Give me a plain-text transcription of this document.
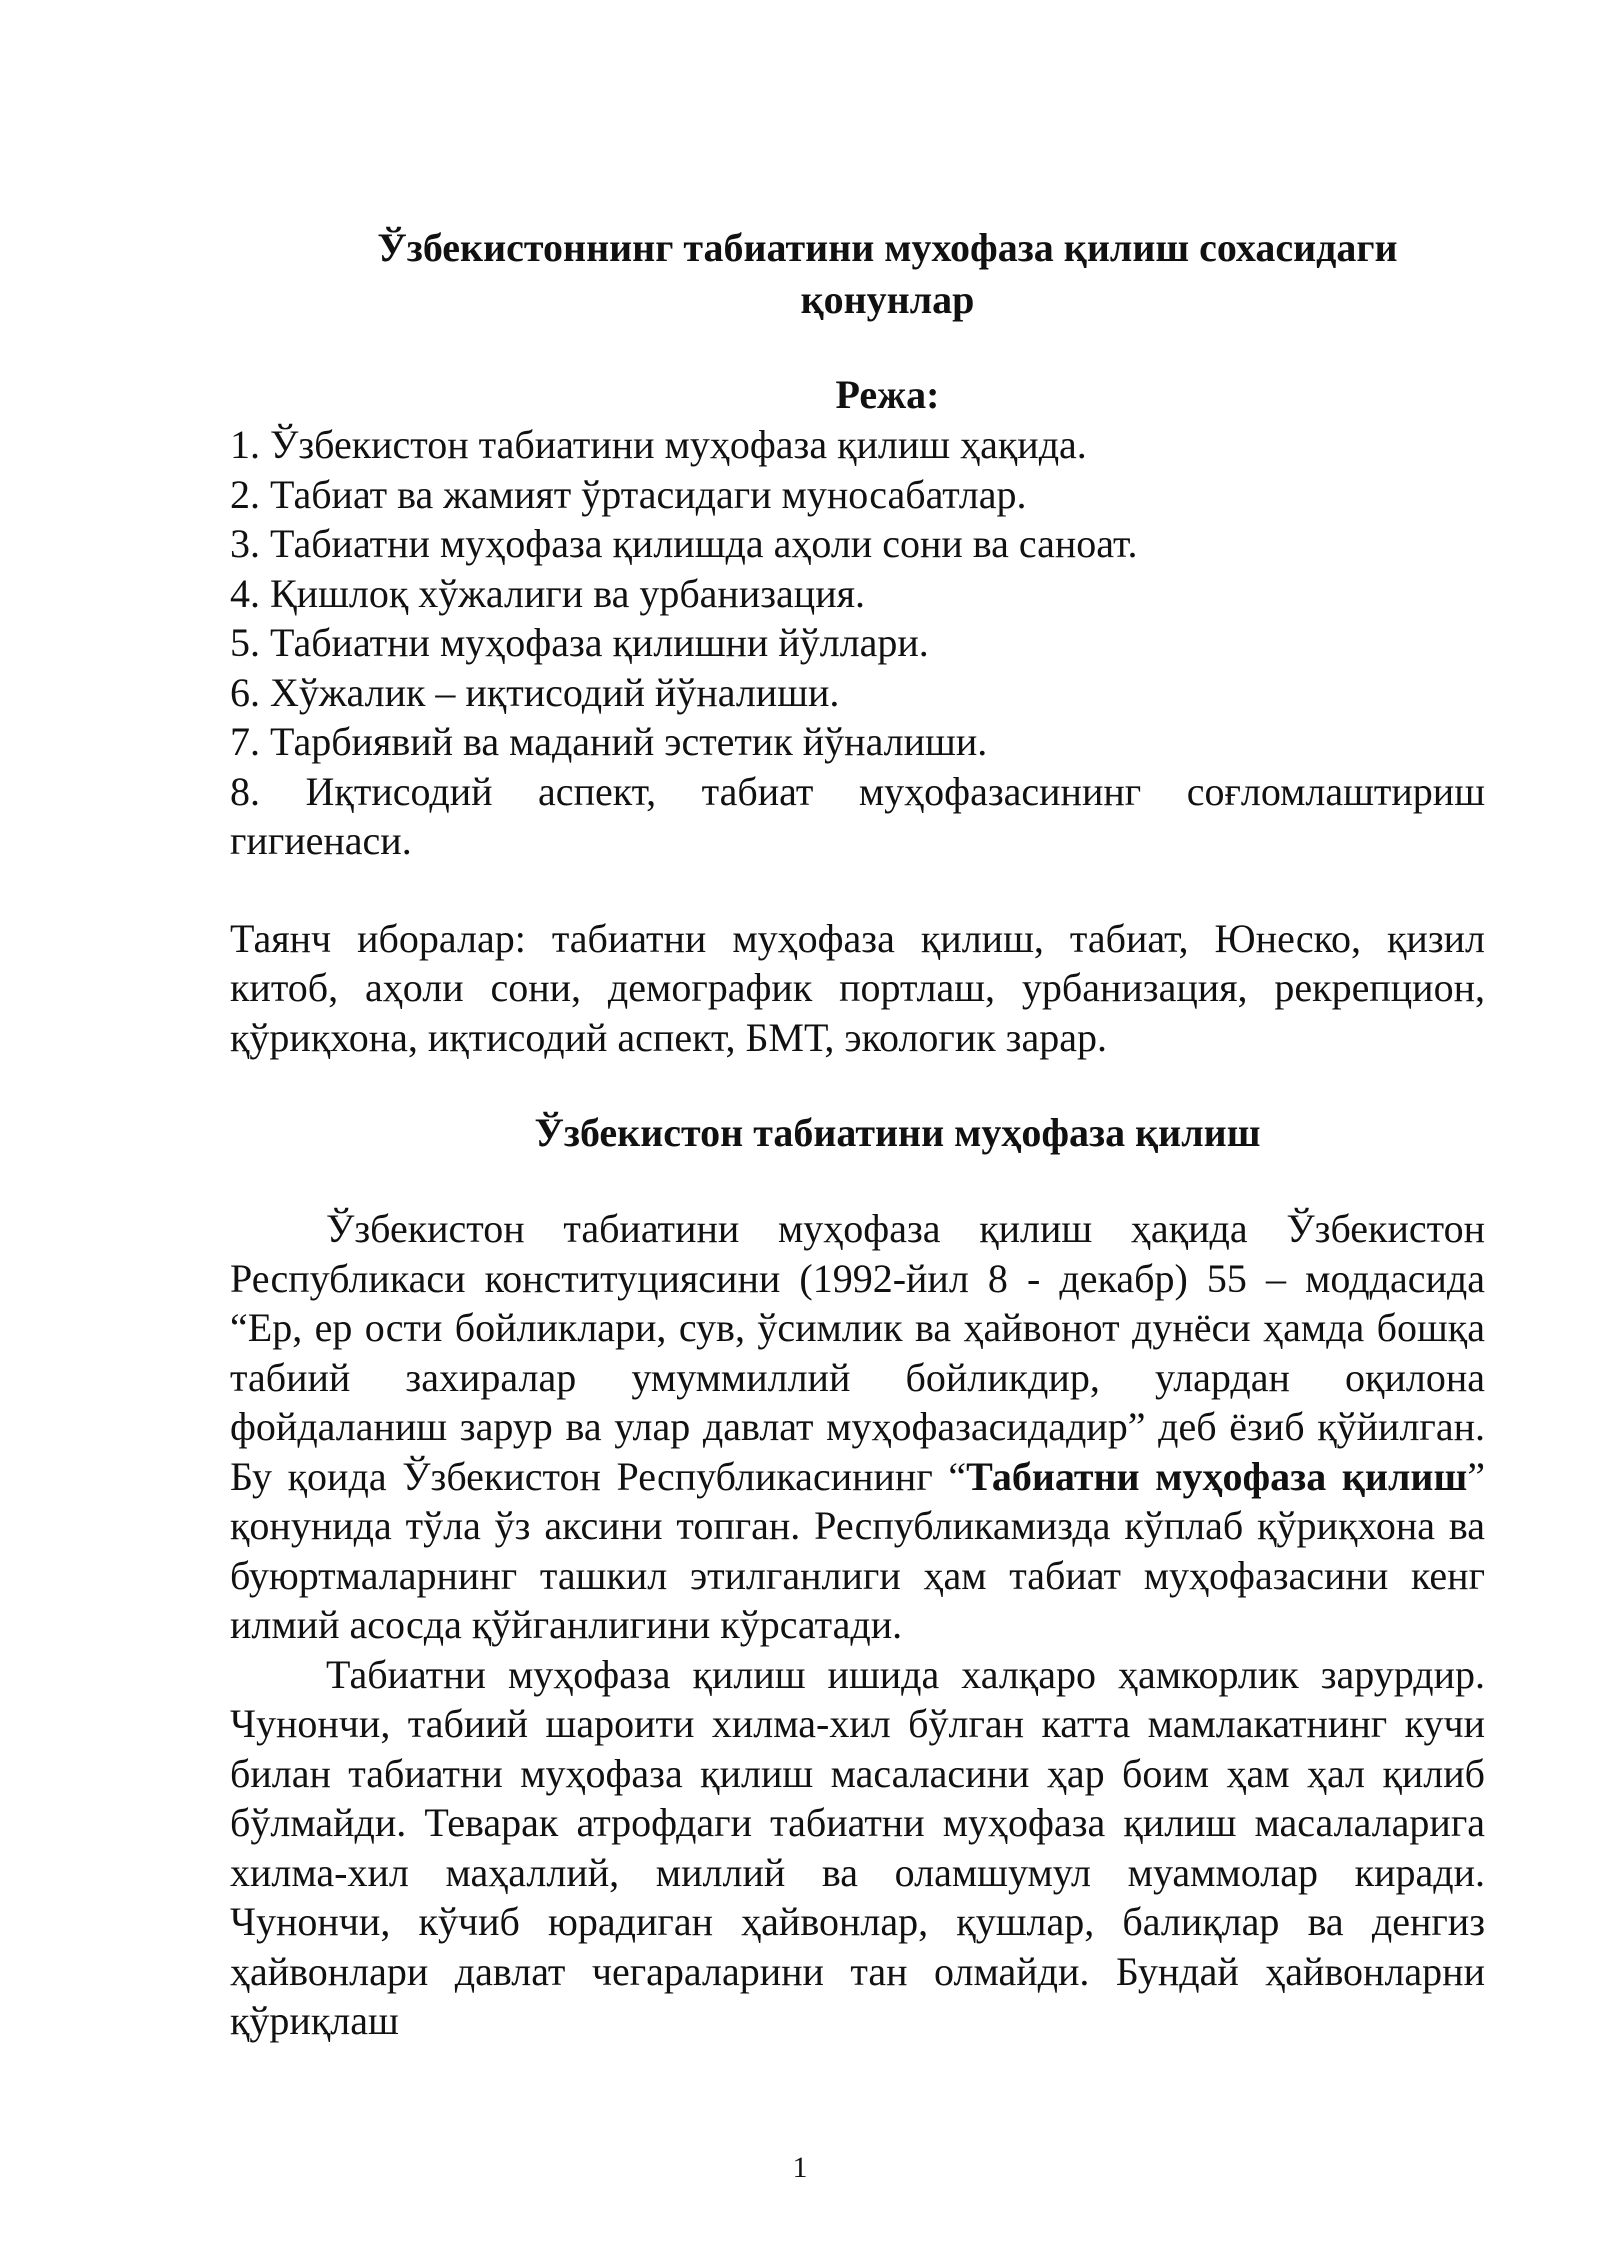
Ўзбекистоннинг табиатини мухофаза қилиш сохасидаги қонунлар
Режа:
1. Ўзбекистон табиатини муҳофаза қилиш ҳақида.
2. Табиат ва жамият ўртасидаги муносабатлар.
3. Табиатни муҳофаза қилишда аҳоли сони ва саноат.
4. Қишлоқ хўжалиги ва урбанизация.
5. Табиатни муҳофаза қилишни йўллари.
6. Хўжалик – иқтисодий йўналиши.
7. Тарбиявий ва маданий эстетик йўналиши.
8. Иқтисодий аспект, табиат муҳофазасининг соғломлаштириш гигиенаси.

Таянч иборалар: табиатни муҳофаза қилиш, табиат, Юнеско, қизил китоб, аҳоли сони, демографик портлаш, урбанизация, рекрепцион, қўриқхона, иқтисодий аспект, БМТ, экологик зарар.

Ўзбекистон табиатини муҳофаза қилиш

Ўзбекистон табиатини муҳофаза қилиш ҳақида Ўзбекистон Республикаси конституциясини (1992-йил 8 - декабр) 55 – моддасида “Ер, ер ости бойликлари, сув, ўсимлик ва ҳайвонот дунёси ҳамда бошқа табиий захиралар умуммиллий бойликдир, улардан оқилона фойдаланиш зарур ва улар давлат муҳофазасидадир” деб ёзиб қўйилган. Бу қоида Ўзбекистон Республикасининг “Табиатни муҳофаза қилиш” қонунида тўла ўз аксини топган. Республикамизда кўплаб қўриқхона ва буюртмаларнинг ташкил этилганлиги ҳам табиат муҳофазасини кенг илмий асосда қўйганлигини кўрсатади.

Табиатни муҳофаза қилиш ишида халқаро ҳамкорлик зарурдир. Чунончи, табиий шароити хилма-хил бўлган катта мамлакатнинг кучи билан табиатни муҳофаза қилиш масаласини ҳар боим ҳам ҳал қилиб бўлмайди. Теварак атрофдаги табиатни муҳофаза қилиш масалаларига хилма-хил маҳаллий, миллий ва оламшумул муаммолар киради. Чунончи, кўчиб юрадиган ҳайвонлар, қушлар, балиқлар ва денгиз ҳайвонлари давлат чегараларини тан олмайди. Бундай ҳайвонларни қўриқлаш

1
